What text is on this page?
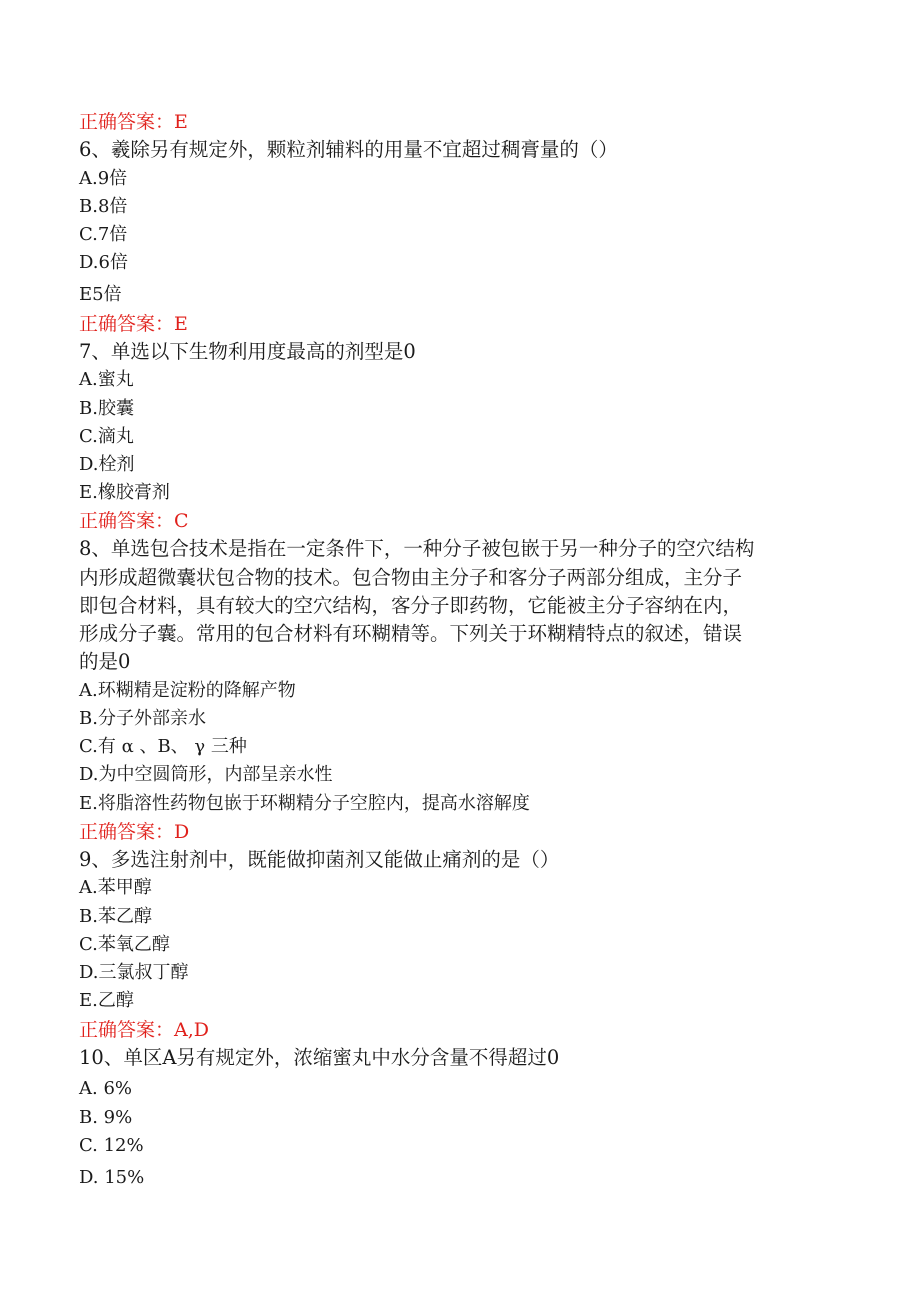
正确答案：E
6、羲除另有规定外，颗粒剂辅料的用量不宜超过稠膏量的（）
A.9倍
B.8倍
C.7倍
D.6倍
E5倍
正确答案：E
7、单选以下生物利用度最高的剂型是0
A.蜜丸
B.胶囊
C.滴丸
D.栓剂
E.橡胶膏剂
正确答案：C
8、单选包合技术是指在一定条件下，一种分子被包嵌于另一种分子的空穴结构
内形成超微囊状包合物的技术。包合物由主分子和客分子两部分组成，主分子
即包合材料，具有较大的空穴结构，客分子即药物，它能被主分子容纳在内，
形成分子囊。常用的包合材料有环糊精等。下列关于环糊精特点的叙述，错误
的是0
A.环糊精是淀粉的降解产物
B.分子外部亲水
C.有 α 、B、 γ 三种
D.为中空圆筒形，内部呈亲水性
E.将脂溶性药物包嵌于环糊精分子空腔内，提高水溶解度
正确答案：D
9、多选注射剂中，既能做抑菌剂又能做止痛剂的是（）
A.苯甲醇
B.苯乙醇
C.苯氧乙醇
D.三氯叔丁醇
E.乙醇
正确答案：A,D
10、单区A另有规定外，浓缩蜜丸中水分含量不得超过0
A. 6%
B. 9%
C. 12%
D. 15%
